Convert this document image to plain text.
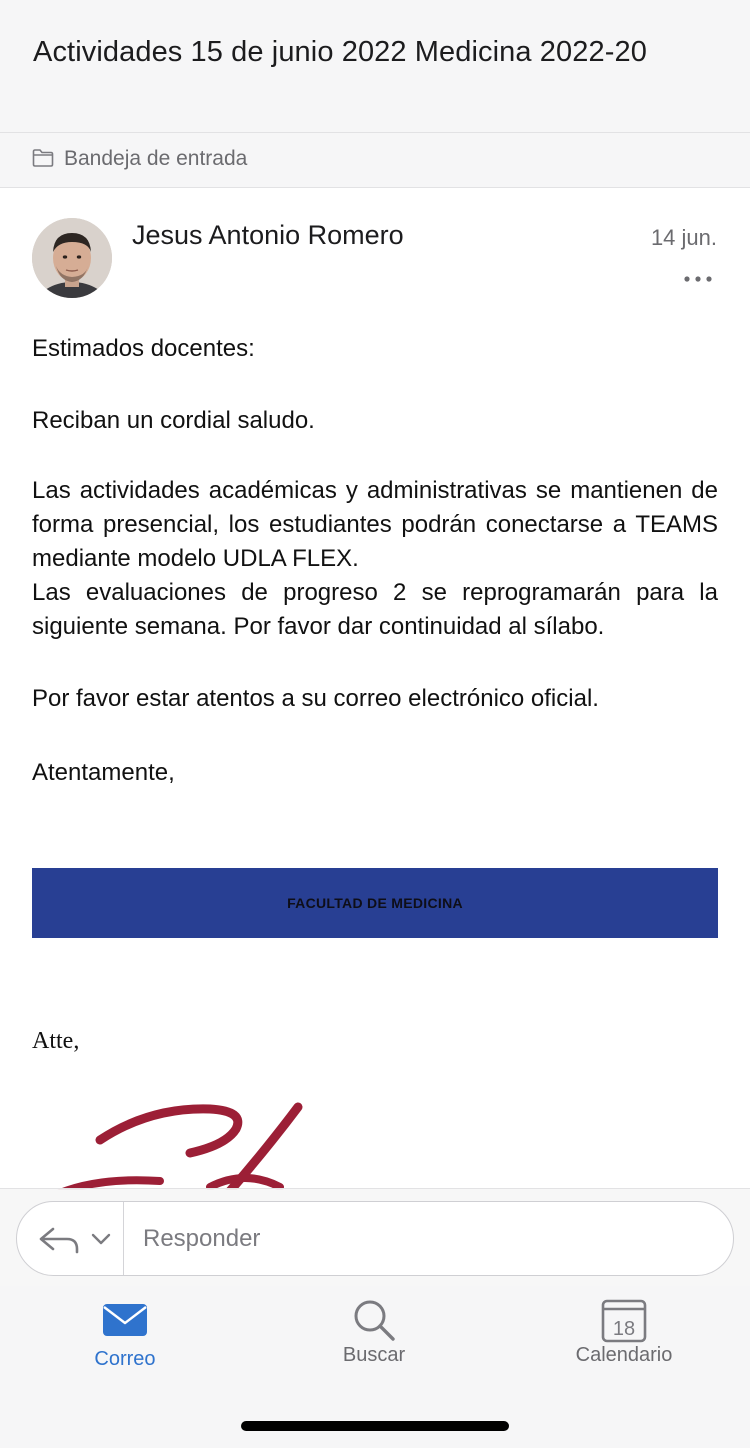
Actividades 15 de junio 2022 Medicina 2022-20
Bandeja de entrada
Jesus Antonio Romero	14 jun.
Estimados docentes:
Reciban un cordial saludo.
Las actividades académicas y administrativas se mantienen de forma presencial, los estudiantes podrán conectarse a TEAMS mediante modelo UDLA FLEX.
Las evaluaciones de progreso 2 se reprogramarán para la siguiente semana. Por favor dar continuidad al sílabo.
Por favor estar atentos a su correo electrónico oficial.
Atentamente,
FACULTAD DE MEDICINA
Atte,
Responder
Correo	Buscar
18
Calendario
